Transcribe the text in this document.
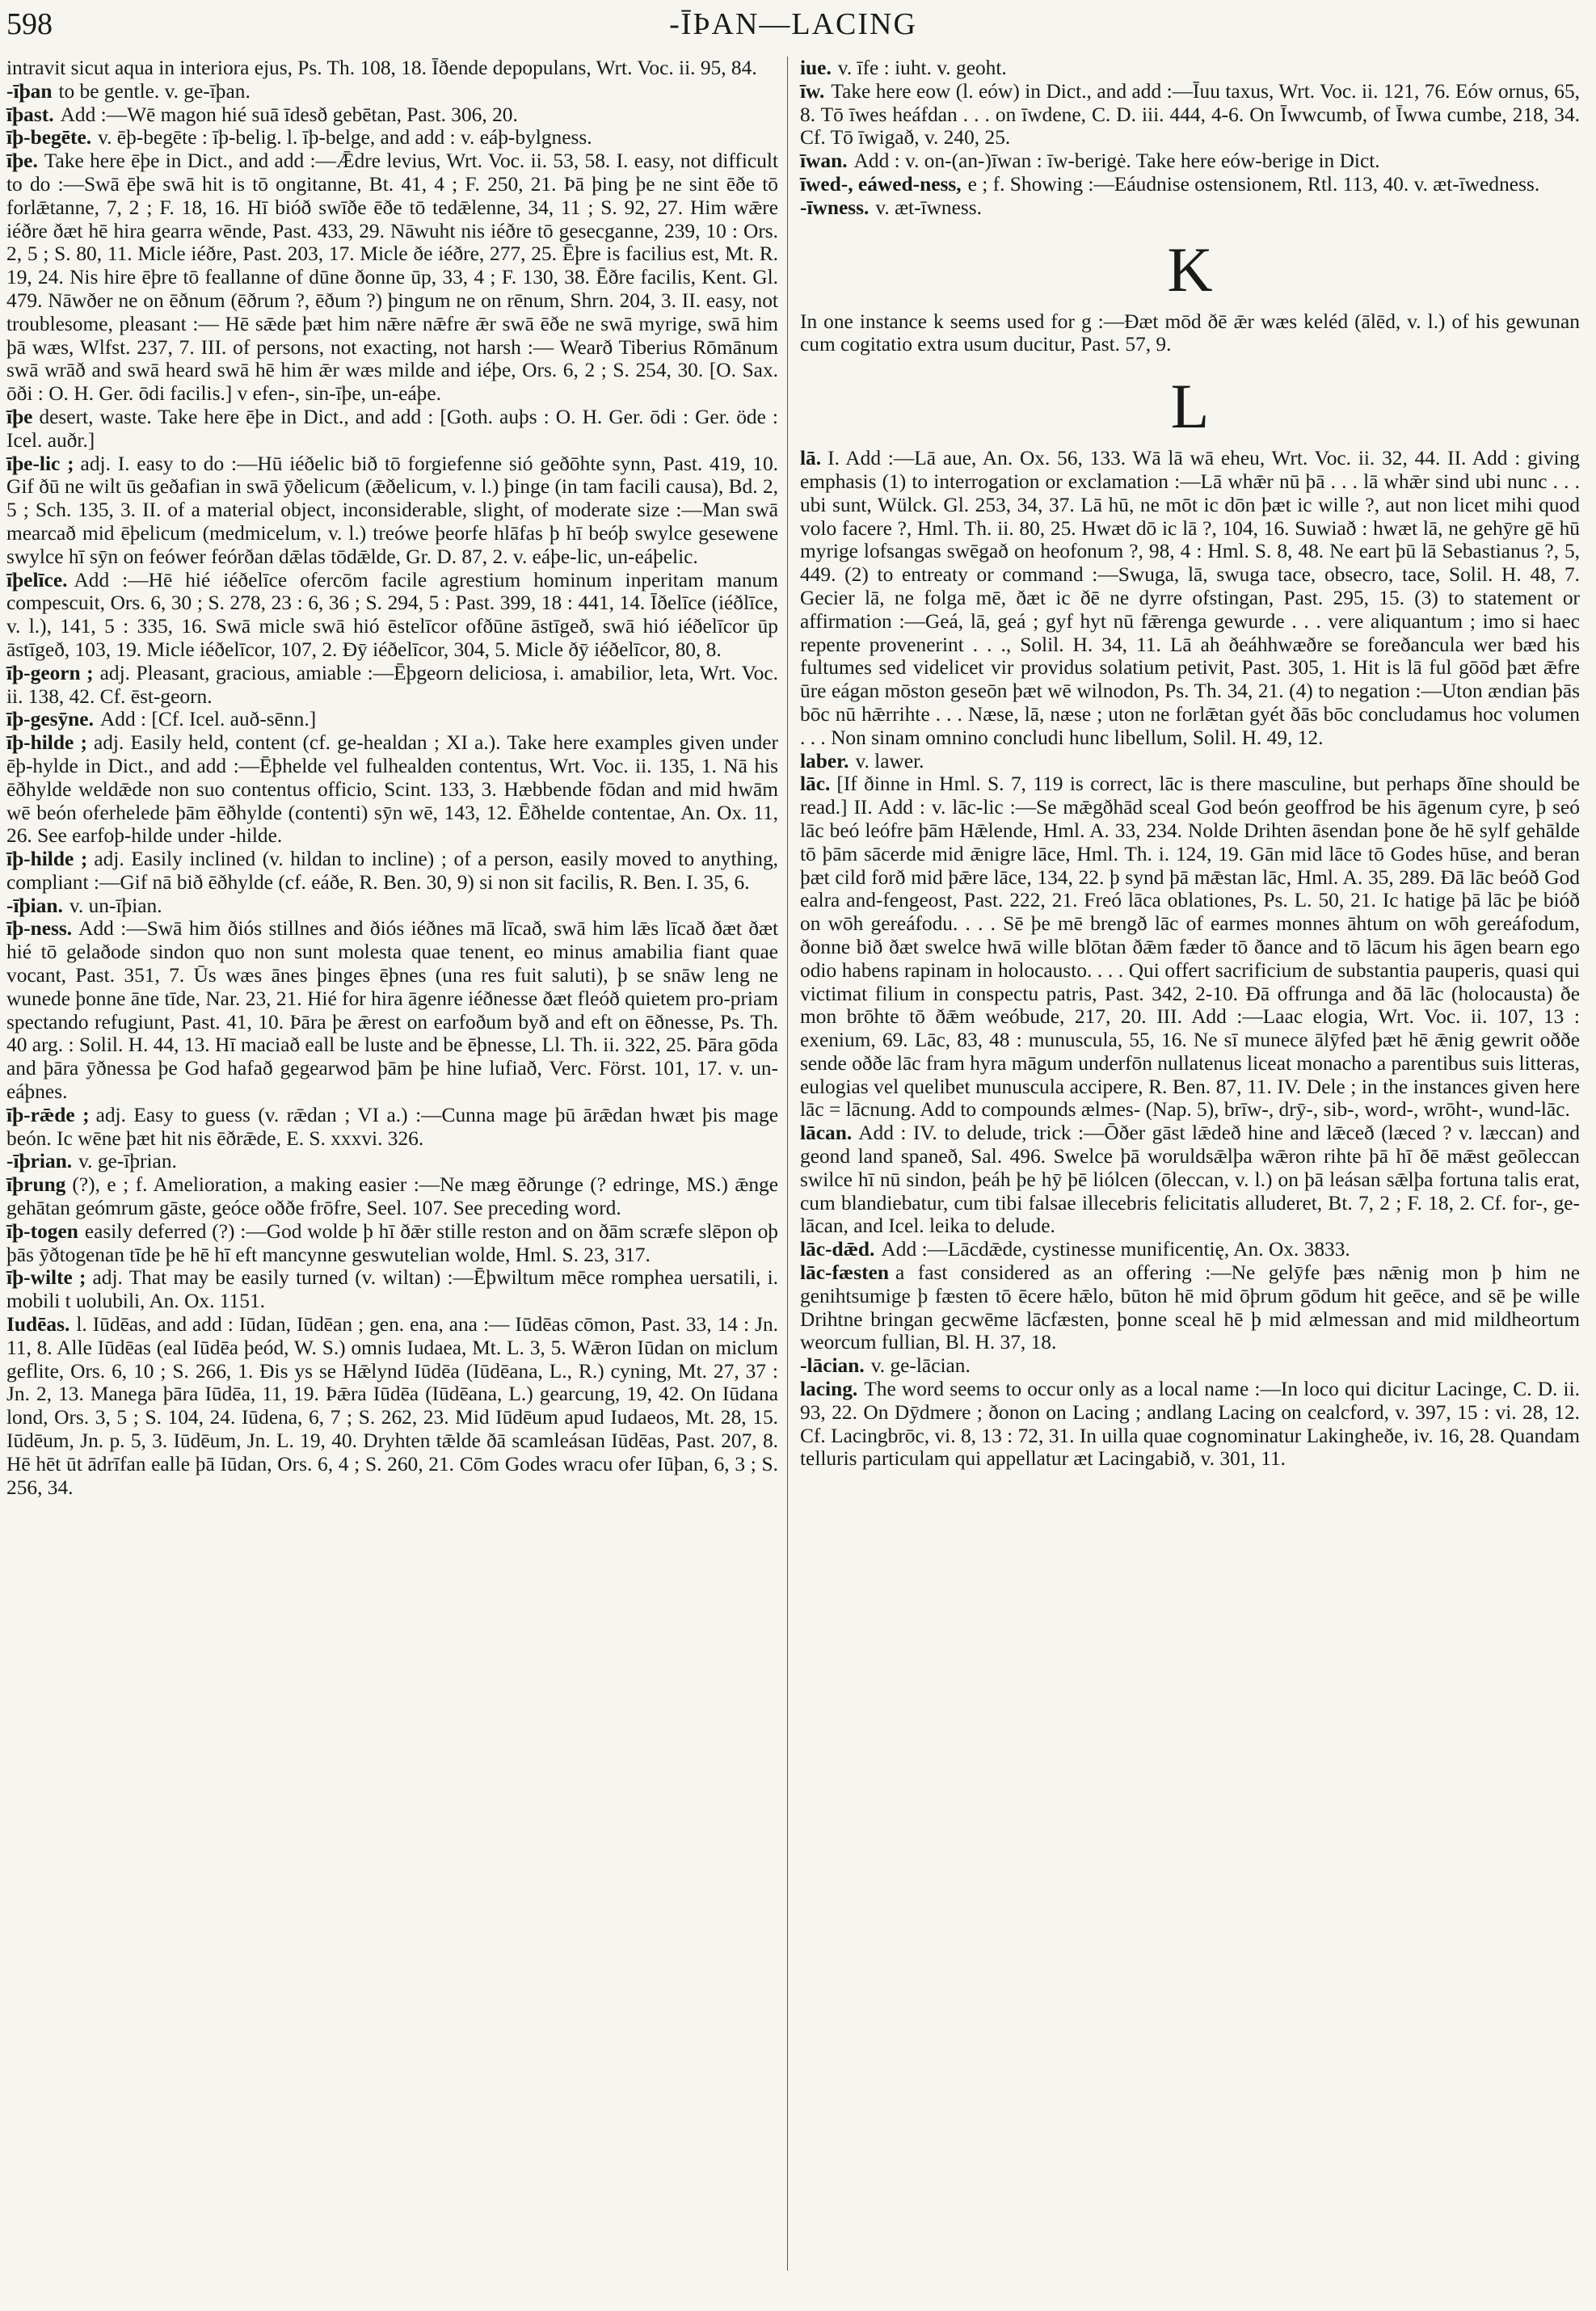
598	-ĪÞAN—LACING

intravit sicut aqua in interiora ejus, Ps. Th. 108, 18. Īðende depopulans, Wrt. Voc. ii. 95, 84.

-īþan to be gentle. v. ge-īþan.

īþast. Add :—Wē magon hié suā īdesð gebētan, Past. 306, 20.

īþ-begēte. v. ēþ-begēte : īþ-belig. l. īþ-belge, and add : v. eáþ-bylgness.

īþe. Take here ēþe in Dict., and add :—Ǣdre levius, Wrt. Voc. ii. 53, 58. I. easy, not difficult to do :—Swā ēþe swā hit is tō ongitanne, Bt. 41, 4 ; F. 250, 21. Þā þing þe ne sint ēðe tō forlǣtanne, 7, 2 ; F. 18, 16. Hī bióð swīðe ēðe tō tedǣlenne, 34, 11 ; S. 92, 27. Him wǣre iéðre ðæt hē hira gearra wēnde, Past. 433, 29. Nāwuht nis iéðre tō gesecganne, 239, 10 : Ors. 2, 5 ; S. 80, 11. Micle iéðre, Past. 203, 17. Micle ðe iéðre, 277, 25. Ēþre is facilius est, Mt. R. 19, 24. Nis hire ēþre tō feallanne of dūne ðonne ūp, 33, 4 ; F. 130, 38. Ēðre facilis, Kent. Gl. 479. Nāwðer ne on ēðnum (ēðrum ?, ēðum ?) þingum ne on rēnum, Shrn. 204, 3. II. easy, not troublesome, pleasant :— Hē sǣde þæt him nǣre nǣfre ǣr swā ēðe ne swā myrige, swā him þā wæs, Wlfst. 237, 7. III. of persons, not exacting, not harsh :— Wearð Tiberius Rōmānum swā wrāð and swā heard swā hē him ǣr wæs milde and iéþe, Ors. 6, 2 ; S. 254, 30. [O. Sax. ōði : O. H. Ger. ōdi facilis.] v efen-, sin-īþe, un-eáþe.

īþe desert, waste. Take here ēþe in Dict., and add : [Goth. auþs : O. H. Ger. ōdi : Ger. öde : Icel. auðr.]

īþe-lic ; adj. I. easy to do :—Hū iéðelic bið tō forgiefenne sió geðōhte synn, Past. 419, 10. Gif ðū ne wilt ūs geðafian in swā ȳðelicum (ǣðelicum, v. l.) þinge (in tam facili causa), Bd. 2, 5 ; Sch. 135, 3. II. of a material object, inconsiderable, slight, of moderate size :—Man swā mearcað mid ēþelicum (medmicelum, v. l.) treówe þeorfe hlāfas þ hī beóþ swylce gesewene swylce hī sȳn on feówer feórðan dǣlas tōdǣlde, Gr. D. 87, 2. v. eáþe-lic, un-eáþelic.

īþelīce. Add :—Hē hié iéðelīce ofercōm facile agrestium hominum inperitam manum compescuit, Ors. 6, 30 ; S. 278, 23 : 6, 36 ; S. 294, 5 : Past. 399, 18 : 441, 14. Īðelīce (iéðlīce, v. l.), 141, 5 : 335, 16. Swā micle swā hió ēstelīcor ofðūne āstīgeð, swā hió iéðelīcor ūp āstīgeð, 103, 19. Micle iéðelīcor, 107, 2. Ðȳ iéðelīcor, 304, 5. Micle ðȳ iéðelīcor, 80, 8.

īþ-georn ; adj. Pleasant, gracious, amiable :—Ēþgeorn deliciosa, i. amabilior, leta, Wrt. Voc. ii. 138, 42. Cf. ēst-georn.

īþ-gesȳne. Add : [Cf. Icel. auð-sēnn.]

īþ-hilde ; adj. Easily held, content (cf. ge-healdan ; XI a.). Take here examples given under ēþ-hylde in Dict., and add :—Ēþhelde vel fulhealden contentus, Wrt. Voc. ii. 135, 1. Nā his ēðhylde weldǣde non suo contentus officio, Scint. 133, 3. Hæbbende fōdan and mid hwām wē beón oferhelede þām ēðhylde (contenti) sȳn wē, 143, 12. Ēðhelde contentae, An. Ox. 11, 26. See earfoþ-hilde under -hilde.

īþ-hilde ; adj. Easily inclined (v. hildan to incline) ; of a person, easily moved to anything, compliant :—Gif nā bið ēðhylde (cf. eáðe, R. Ben. 30, 9) si non sit facilis, R. Ben. I. 35, 6.

-īþian. v. un-īþian.

īþ-ness. Add :—Swā him ðiós stillnes and ðiós iéðnes mā līcað, swā him lǣs līcað ðæt ðæt hié tō gelaðode sindon quo non sunt molesta quae tenent, eo minus amabilia fiant quae vocant, Past. 351, 7. Ūs wæs ānes þinges ēþnes (una res fuit saluti), þ se snāw leng ne wunede þonne āne tīde, Nar. 23, 21. Hié for hira āgenre iéðnesse ðæt fleóð quietem pro-priam spectando refugiunt, Past. 41, 10. Þāra þe ǣrest on earfoðum byð and eft on ēðnesse, Ps. Th. 40 arg. : Solil. H. 44, 13. Hī maciað eall be luste and be ēþnesse, Ll. Th. ii. 322, 25. Þāra gōda and þāra ȳðnessa þe God hafað gegearwod þām þe hine lufiað, Verc. Först. 101, 17. v. un-eáþnes.

īþ-rǣde ; adj. Easy to guess (v. rǣdan ; VI a.) :—Cunna mage þū ārǣdan hwæt þis mage beón. Ic wēne þæt hit nis ēðrǣde, E. S. xxxvi. 326.

-īþrian. v. ge-īþrian.

īþrung (?), e ; f. Amelioration, a making easier :—Ne mæg ēðrunge (? edringe, MS.) ǣnge gehātan geómrum gāste, geóce oððe frōfre, Seel. 107. See preceding word.

īþ-togen easily deferred (?) :—God wolde þ hī ðǣr stille reston and on ðām scræfe slēpon oþ þās ȳðtogenan tīde þe hē hī eft mancynne geswutelian wolde, Hml. S. 23, 317.

īþ-wilte ; adj. That may be easily turned (v. wiltan) :—Ēþwiltum mēce romphea uersatili, i. mobili t uolubili, An. Ox. 1151.

Iudēas. l. Iūdēas, and add : Iūdan, Iūdēan ; gen. ena, ana :— Iūdēas cōmon, Past. 33, 14 : Jn. 11, 8. Alle Iūdēas (eal Iūdēa þeód, W. S.) omnis Iudaea, Mt. L. 3, 5. Wǣron Iūdan on miclum geflite, Ors. 6, 10 ; S. 266, 1. Ðis ys se Hǣlynd Iūdēa (Iūdēana, L., R.) cyning, Mt. 27, 37 : Jn. 2, 13. Manega þāra Iūdēa, 11, 19. Þǣra Iūdēa (Iūdēana, L.) gearcung, 19, 42. On Iūdana lond, Ors. 3, 5 ; S. 104, 24. Iūdena, 6, 7 ; S. 262, 23. Mid Iūdēum apud Iudaeos, Mt. 28, 15. Iūdēum, Jn. p. 5, 3. Iūdēum, Jn. L. 19, 40. Dryhten tǣlde ðā scamleásan Iūdēas, Past. 207, 8. Hē hēt ūt ādrīfan ealle þā Iūdan, Ors. 6, 4 ; S. 260, 21. Cōm Godes wracu ofer Iūþan, 6, 3 ; S. 256, 34.

iue. v. īfe : iuht. v. geoht.

īw. Take here eow (l. eów) in Dict., and add :—Īuu taxus, Wrt. Voc. ii. 121, 76. Eów ornus, 65, 8. Tō īwes heáfdan . . . on īwdene, C. D. iii. 444, 4-6. On Īwwcumb, of Īwwa cumbe, 218, 34. Cf. Tō īwigað, v. 240, 25.

īwan. Add : v. on-(an-)īwan : īw-berigė. Take here eów-berige in Dict.

īwed-, eáwed-ness, e ; f. Showing :—Eáudnise ostensionem, Rtl. 113, 40. v. æt-īwedness.

-īwness. v. æt-īwness.

K

In one instance k seems used for g :—Ðæt mōd ðē ǣr wæs keléd (ālēd, v. l.) of his gewunan cum cogitatio extra usum ducitur, Past. 57, 9.

L

lā. I. Add :—Lā aue, An. Ox. 56, 133. Wā lā wā eheu, Wrt. Voc. ii. 32, 44. II. Add : giving emphasis (1) to interrogation or exclamation :—Lā whǣr nū þā . . . lā whǣr sind ubi nunc . . . ubi sunt, Wülck. Gl. 253, 34, 37. Lā hū, ne mōt ic dōn þæt ic wille ?, aut non licet mihi quod volo facere ?, Hml. Th. ii. 80, 25. Hwæt dō ic lā ?, 104, 16. Suwiað : hwæt lā, ne gehȳre gē hū myrige lofsangas swēgað on heofonum ?, 98, 4 : Hml. S. 8, 48. Ne eart þū lā Sebastianus ?, 5, 449. (2) to entreaty or command :—Swuga, lā, swuga tace, obsecro, tace, Solil. H. 48, 7. Gecier lā, ne folga mē, ðæt ic ðē ne dyrre ofstingan, Past. 295, 15. (3) to statement or affirmation :—Geá, lā, geá ; gyf hyt nū fǣrenga gewurde . . . vere aliquantum ; imo si haec repente provenerint . . ., Solil. H. 34, 11. Lā ah ðeáhhwæðre se foreðancula wer bæd his fultumes sed videlicet vir providus solatium petivit, Past. 305, 1. Hit is lā ful gōōd þæt ǣfre ūre eágan mōston geseōn þæt wē wilnodon, Ps. Th. 34, 21. (4) to negation :—Uton ændian þās bōc nū hǣrrihte . . . Næse, lā, næse ; uton ne forlǣtan gyét ðās bōc concludamus hoc volumen . . . Non sinam omnino concludi hunc libellum, Solil. H. 49, 12.

laber. v. lawer.

lāc. [If ðinne in Hml. S. 7, 119 is correct, lāc is there masculine, but perhaps ðīne should be read.] II. Add : v. lāc-lic :—Se mǣgðhād sceal God beón geoffrod be his āgenum cyre, þ seó lāc beó leófre þām Hǣlende, Hml. A. 33, 234. Nolde Drihten āsendan þone ðe hē sylf gehālde tō þām sācerde mid ǣnigre lāce, Hml. Th. i. 124, 19. Gān mid lāce tō Godes hūse, and beran þæt cild forð mid þǣre lāce, 134, 22. þ synd þā mǣstan lāc, Hml. A. 35, 289. Ðā lāc beóð God ealra and-fengeost, Past. 222, 21. Freó lāca oblationes, Ps. L. 50, 21. Ic hatige þā lāc þe bióð on wōh gereáfodu. . . . Sē þe mē brengð lāc of earmes monnes āhtum on wōh gereáfodum, ðonne bið ðæt swelce hwā wille blōtan ðǣm fæder tō ðance and tō lācum his āgen bearn ego odio habens rapinam in holocausto. . . . Qui offert sacrificium de substantia pauperis, quasi qui victimat filium in conspectu patris, Past. 342, 2-10. Ðā offrunga and ðā lāc (holocausta) ðe mon brōhte tō ðǣm weóbude, 217, 20. III. Add :—Laac elogia, Wrt. Voc. ii. 107, 13 : exenium, 69. Lāc, 83, 48 : munuscula, 55, 16. Ne sī munece ālȳfed þæt hē ǣnig gewrit oððe sende oððe lāc fram hyra māgum underfōn nullatenus liceat monacho a parentibus suis litteras, eulogias vel quelibet munuscula accipere, R. Ben. 87, 11. IV. Dele ; in the instances given here lāc = lācnung. Add to compounds ælmes- (Nap. 5), brīw-, drȳ-, sib-, word-, wrōht-, wund-lāc.

lācan. Add : IV. to delude, trick :—Ōðer gāst lǣdeð hine and lǣceð (læced ? v. læccan) and geond land spaneð, Sal. 496. Swelce þā woruldsǣlþa wǣron rihte þā hī ðē mǣst geōleccan swilce hī nū sindon, þeáh þe hȳ þē liólcen (ōleccan, v. l.) on þā leásan sǣlþa fortuna talis erat, cum blandiebatur, cum tibi falsae illecebris felicitatis alluderet, Bt. 7, 2 ; F. 18, 2. Cf. for-, ge-lācan, and Icel. leika to delude.

lāc-dǣd. Add :—Lācdǣde, cystinesse munificentię, An. Ox. 3833.

lāc-fæsten a fast considered as an offering :—Ne gelȳfe þæs nǣnig mon þ him ne genihtsumige þ fæsten tō ēcere hǣlo, būton hē mid ōþrum gōdum hit geēce, and sē þe wille Drihtne bringan gecwēme lācfæsten, þonne sceal hē þ mid ælmessan and mid mildheortum weorcum fullian, Bl. H. 37, 18.

-lācian. v. ge-lācian.

lacing. The word seems to occur only as a local name :—In loco qui dicitur Lacinge, C. D. ii. 93, 22. On Dȳdmere ; ðonon on Lacing ; andlang Lacing on cealcford, v. 397, 15 : vi. 28, 12. Cf. Lacingbrōc, vi. 8, 13 : 72, 31. In uilla quae cognominatur Lakingheðe, iv. 16, 28. Quandam telluris particulam qui appellatur æt Lacingabið, v. 301, 11.
